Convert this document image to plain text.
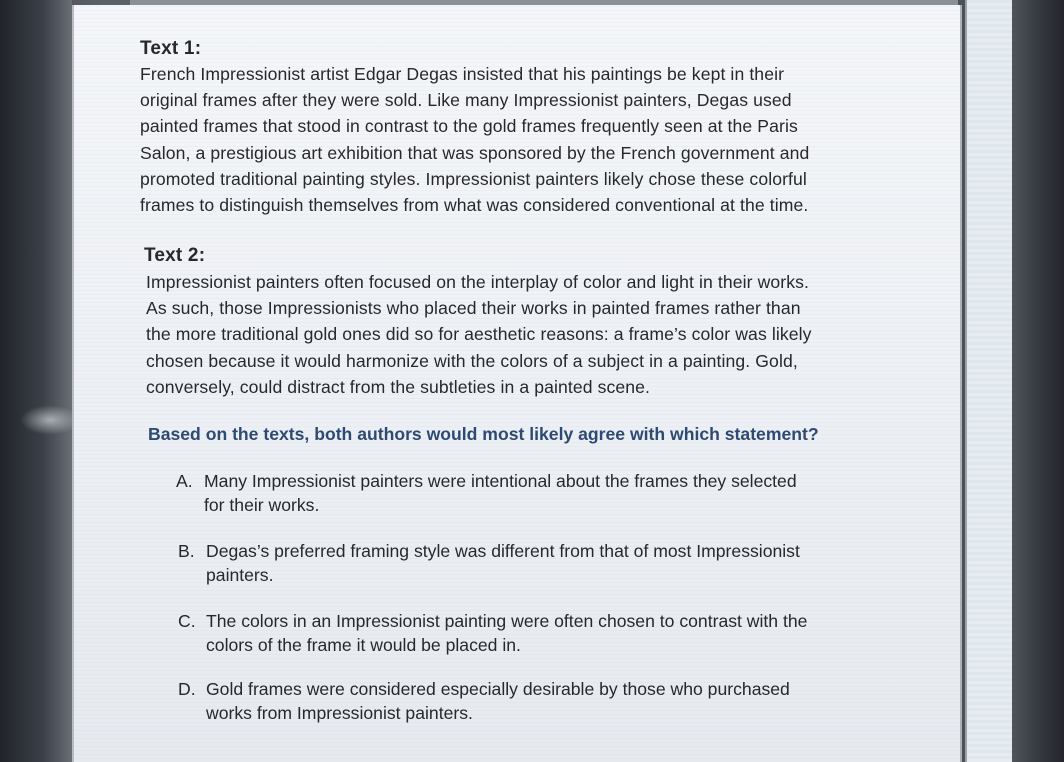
Text 1:
French Impressionist artist Edgar Degas insisted that his paintings be kept in their
original frames after they were sold. Like many Impressionist painters, Degas used
painted frames that stood in contrast to the gold frames frequently seen at the Paris
Salon, a prestigious art exhibition that was sponsored by the French government and
promoted traditional painting styles. Impressionist painters likely chose these colorful
frames to distinguish themselves from what was considered conventional at the time.
Text 2:
Impressionist painters often focused on the interplay of color and light in their works.
As such, those Impressionists who placed their works in painted frames rather than
the more traditional gold ones did so for aesthetic reasons: a frame’s color was likely
chosen because it would harmonize with the colors of a subject in a painting. Gold,
conversely, could distract from the subtleties in a painted scene.
Based on the texts, both authors would most likely agree with which statement?
A. Many Impressionist painters were intentional about the frames they selected
for their works.
B. Degas’s preferred framing style was different from that of most Impressionist
painters.
C. The colors in an Impressionist painting were often chosen to contrast with the
colors of the frame it would be placed in.
D. Gold frames were considered especially desirable by those who purchased
works from Impressionist painters.
